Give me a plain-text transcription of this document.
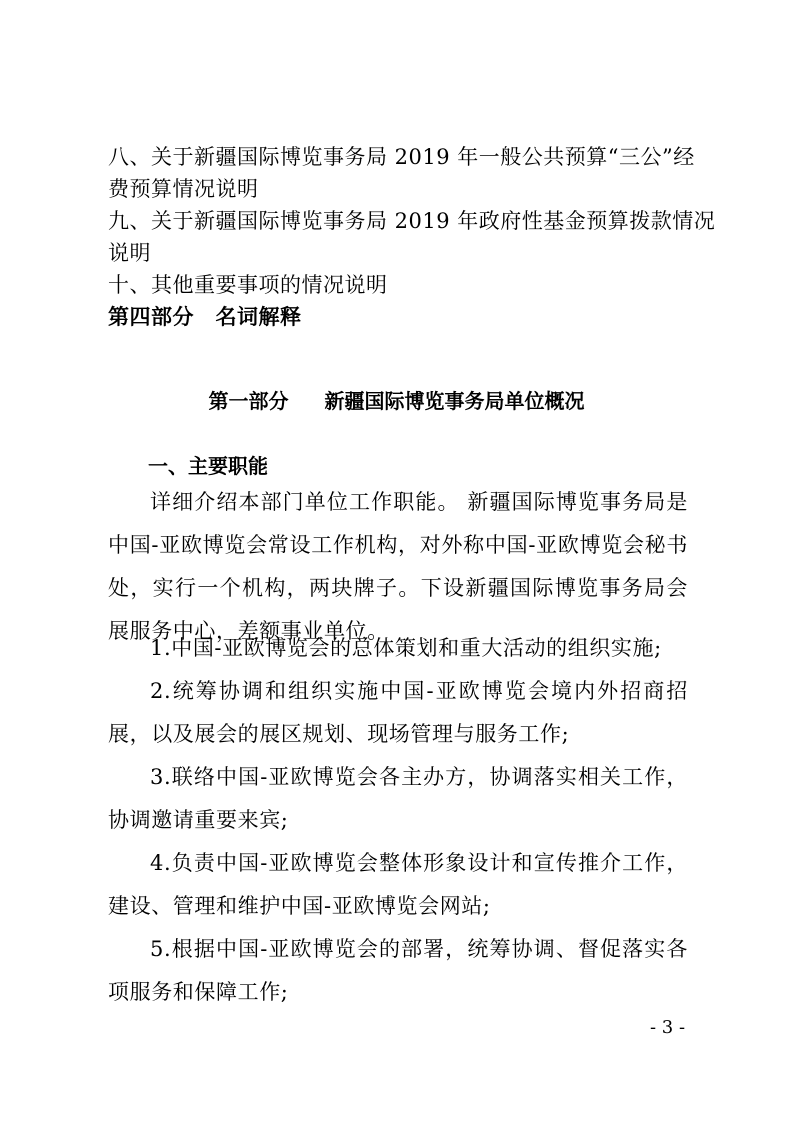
八、关于新疆国际博览事务局 2019 年一般公共预算“三公”经
费预算情况说明
九、关于新疆国际博览事务局 2019 年政府性基金预算拨款情况
说明
十、其他重要事项的情况说明
第四部分　名词解释
第一部分 新疆国际博览事务局单位概况
一、主要职能
详细介绍本部门单位工作职能。 新疆国际博览事务局是中国-亚欧博览会常设工作机构，对外称中国-亚欧博览会秘书处，实行一个机构，两块牌子。下设新疆国际博览事务局会展服务中心，差额事业单位。
1.中国-亚欧博览会的总体策划和重大活动的组织实施;
2.统筹协调和组织实施中国-亚欧博览会境内外招商招展，以及展会的展区规划、现场管理与服务工作;
3.联络中国-亚欧博览会各主办方，协调落实相关工作，协调邀请重要来宾;
4.负责中国-亚欧博览会整体形象设计和宣传推介工作，建设、管理和维护中国-亚欧博览会网站;
5.根据中国-亚欧博览会的部署，统筹协调、督促落实各项服务和保障工作;
- 3 -
